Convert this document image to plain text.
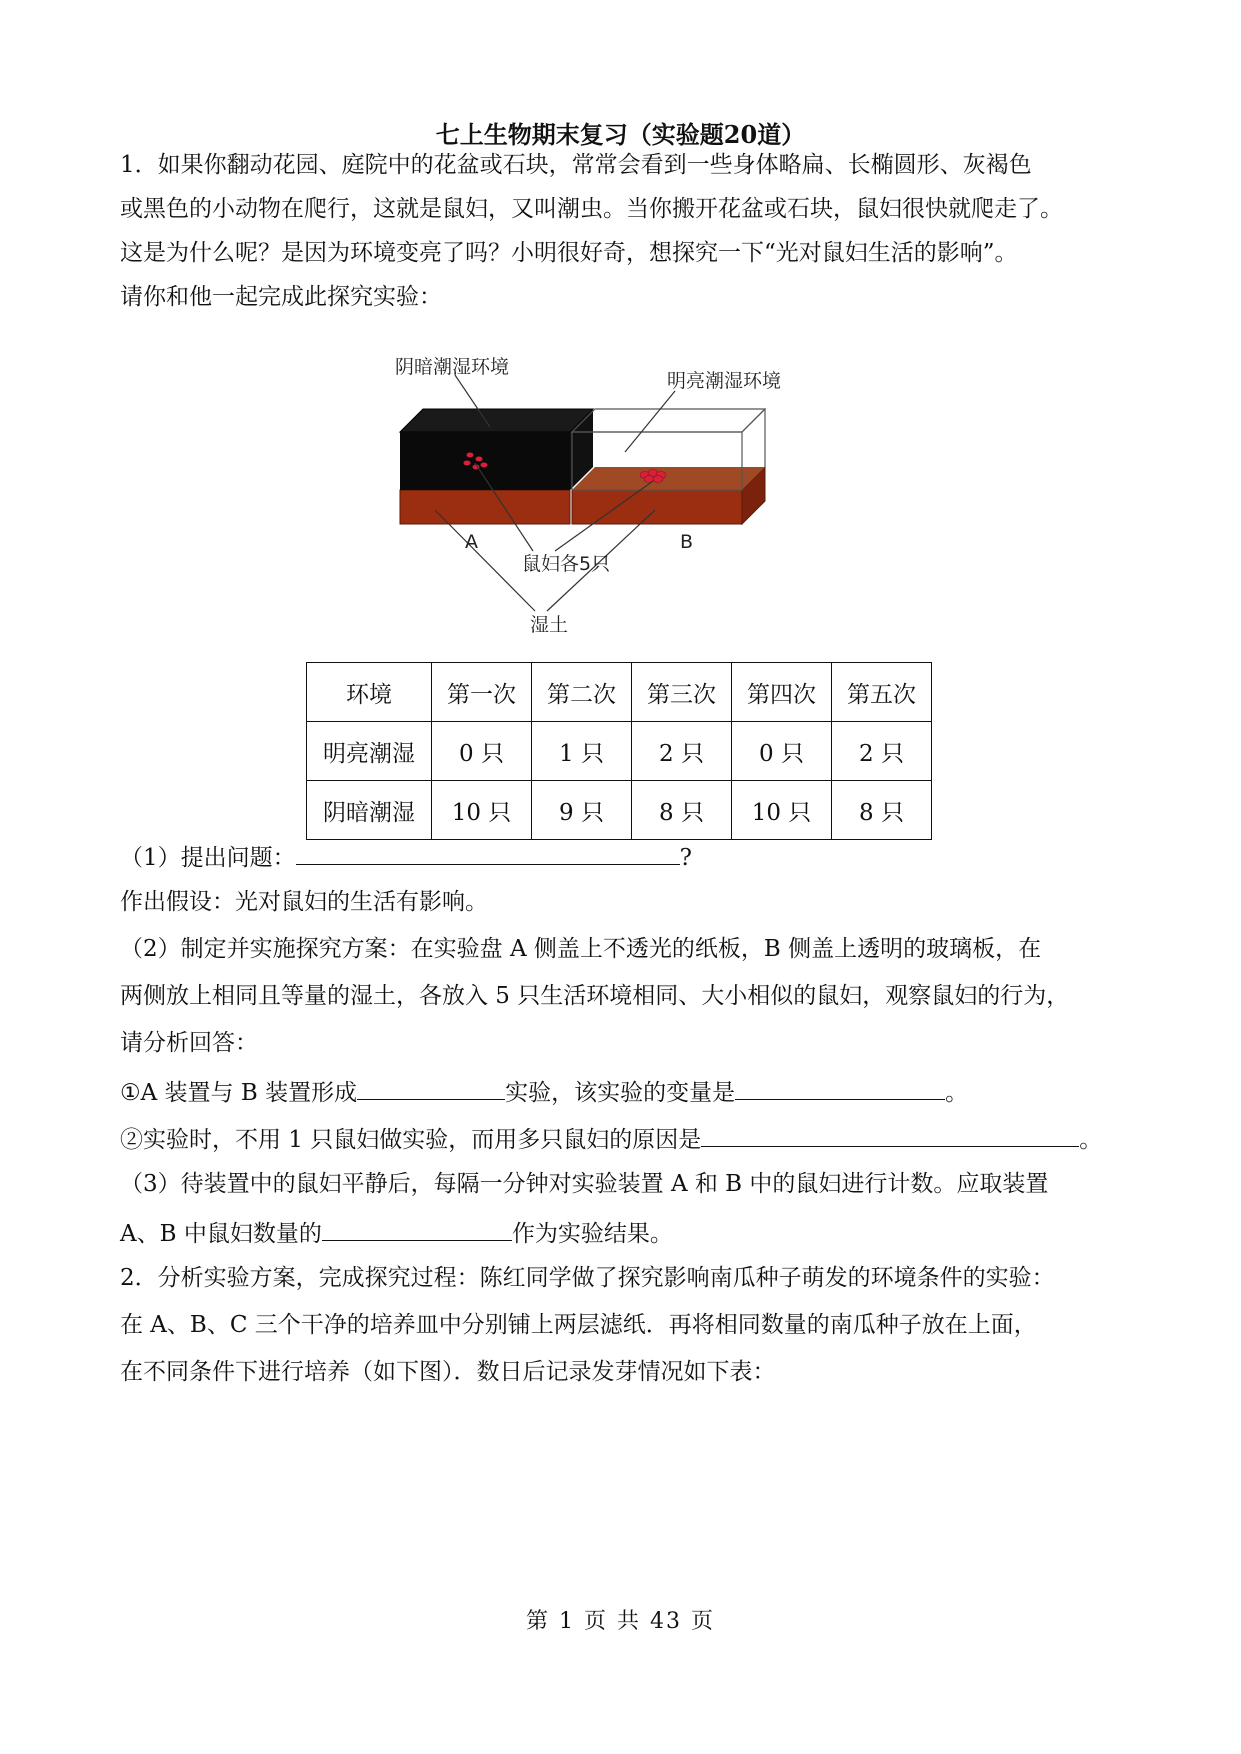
七上生物期末复习（实验题20道）
1．如果你翻动花园、庭院中的花盆或石块，常常会看到一些身体略扁、长椭圆形、灰褐色
或黑色的小动物在爬行，这就是鼠妇，又叫潮虫。当你搬开花盆或石块，鼠妇很快就爬走了。
这是为什么呢？是因为环境变亮了吗？小明很好奇，想探究一下“光对鼠妇生活的影响”。
请你和他一起完成此探究实验：
阴暗潮湿环境
明亮潮湿环境
A	B
鼠妇各5只
湿土
环境	第一次	第二次	第三次	第四次	第五次
明亮潮湿	0 只	1 只	2 只	0 只	2 只
阴暗潮湿	10 只	9 只	8 只	10 只	8 只
（1）提出问题：	?
作出假设：光对鼠妇的生活有影响。
（2）制定并实施探究方案：在实验盘 A 侧盖上不透光的纸板，B 侧盖上透明的玻璃板，在
两侧放上相同且等量的湿土，各放入 5 只生活环境相同、大小相似的鼠妇，观察鼠妇的行为，
请分析回答：
①A 装置与 B 装置形成	实验，该实验的变量是	。
②实验时，不用 1 只鼠妇做实验，而用多只鼠妇的原因是	。
（3）待装置中的鼠妇平静后，每隔一分钟对实验装置 A 和 B 中的鼠妇进行计数。应取装置
A、B 中鼠妇数量的	作为实验结果。
2．分析实验方案，完成探究过程：陈红同学做了探究影响南瓜种子萌发的环境条件的实验：
在 A、B、C 三个干净的培养皿中分别铺上两层滤纸．再将相同数量的南瓜种子放在上面，
在不同条件下进行培养（如下图）．数日后记录发芽情况如下表：
第 1 页 共 43 页
